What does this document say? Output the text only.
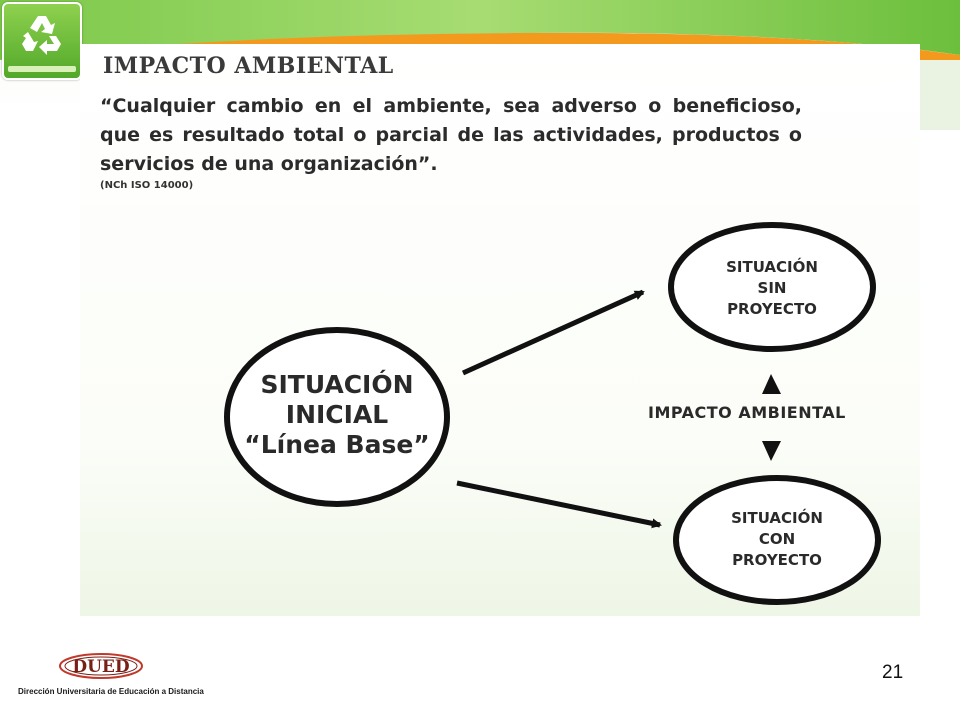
IMPACTO AMBIENTAL

“Cualquier cambio en el ambiente, sea adverso o beneficioso, que es resultado total o parcial de las actividades, productos o servicios de una organización”.

(NCh ISO 14000)

SITUACIÓN
INICIAL
“Línea Base”
SITUACIÓN
SIN
PROYECTO
SITUACIÓN
CON
PROYECTO

IMPACTO AMBIENTAL

DUED

Dirección Universitaria de Educación a Distancia

21
